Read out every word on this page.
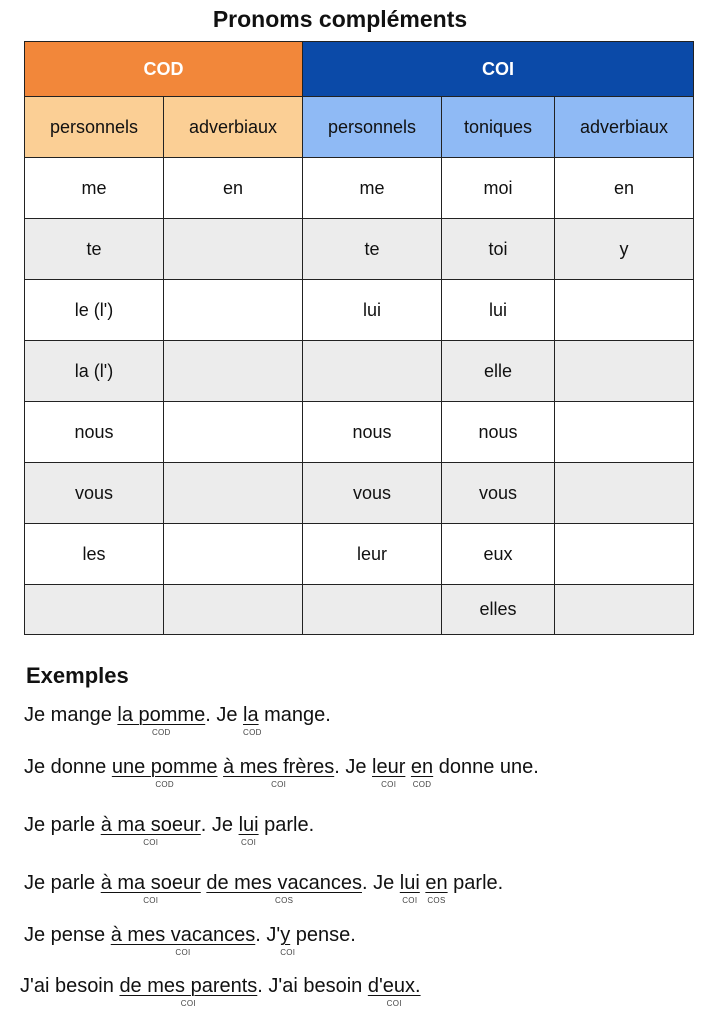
Pronoms compléments
COD		COI		
personnels	adverbiaux	personnels	toniques	adverbiaux
me	en	me	moi	en
te		te	toi	y
le (l')		lui	lui	
la (l')			elle	
nous		nous	nous	
vous		vous	vous	
les		leur	eux	
			elles	
Exemples
Je mange la pomme
COD
. Je la
COD
mange.
Je donne une pomme
COD
à mes frères
COI
. Je leur
COI
en
COD
donne une.
Je parle à ma soeur
COI
. Je lui
COI
parle.
Je parle à ma soeur
COI
de mes vacances
COS
. Je lui
COI
en
COS
parle.
Je pense à mes vacances
COI
. J'y
COI
pense.
J'ai besoin de mes parents
COI
. J'ai besoin d'eux.
COI
